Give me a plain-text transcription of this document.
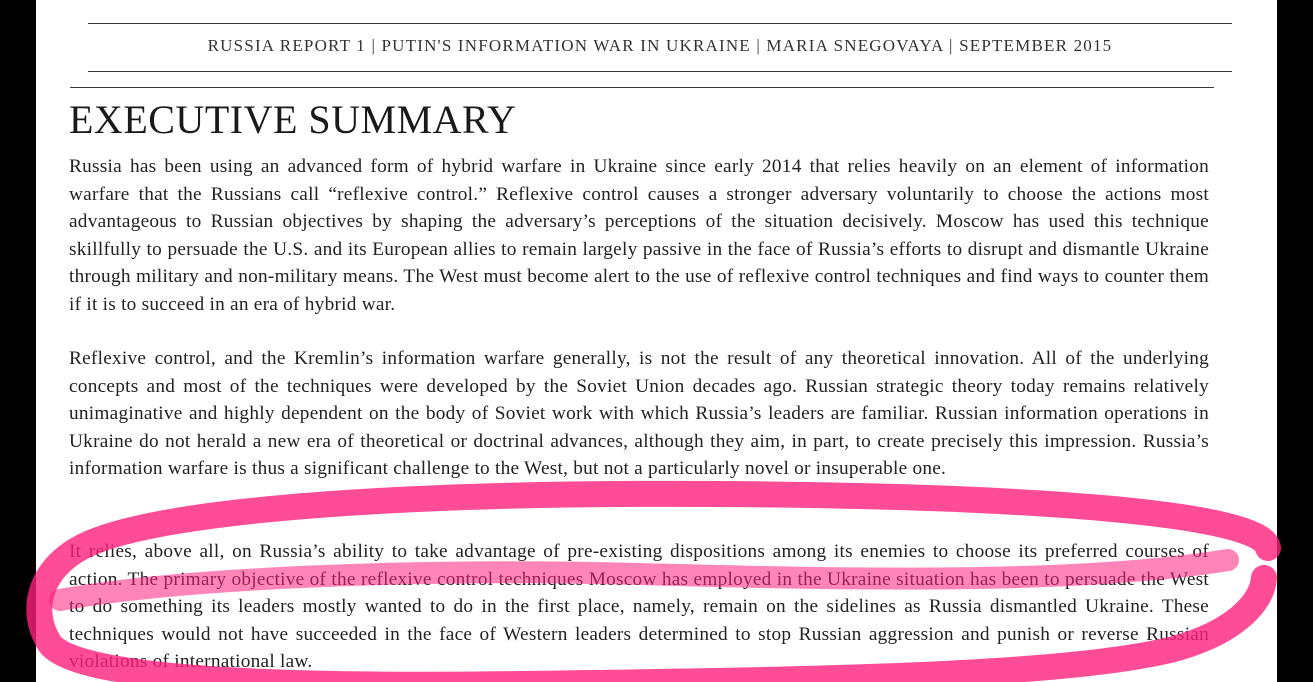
RUSSIA REPORT 1 | PUTIN'S INFORMATION WAR IN UKRAINE | MARIA SNEGOVAYA | SEPTEMBER 2015
EXECUTIVE SUMMARY

Russia has been using an advanced form of hybrid warfare in Ukraine since early 2014 that relies heavily on an element of information warfare that the Russians call “reflexive control.” Reflexive control causes a stronger adversary voluntarily to choose the actions most advantageous to Russian objectives by shaping the adversary’s perceptions of the situation decisively. Moscow has used this technique skillfully to persuade the U.S. and its European allies to remain largely passive in the face of Russia’s efforts to disrupt and dismantle Ukraine through military and non-military means. The West must become alert to the use of reflexive control techniques and find ways to counter them if it is to succeed in an era of hybrid war.

Reflexive control, and the Kremlin’s information warfare generally, is not the result of any theoretical innovation. All of the underlying concepts and most of the techniques were developed by the Soviet Union decades ago. Russian strategic theory today remains relatively unimaginative and highly dependent on the body of Soviet work with which Russia’s leaders are familiar. Russian information operations in Ukraine do not herald a new era of theoretical or doctrinal advances, although they aim, in part, to create precisely this impression. Russia’s information warfare is thus a significant challenge to the West, but not a particularly novel or insuperable one.

It relies, above all, on Russia’s ability to take advantage of pre-existing dispositions among its enemies to choose its preferred courses of action. The primary objective of the reflexive control techniques Moscow has employed in the Ukraine situation has been to persuade the West to do something its leaders mostly wanted to do in the first place, namely, remain on the sidelines as Russia dismantled Ukraine. These techniques would not have succeeded in the face of Western leaders determined to stop Russian aggression and punish or reverse Russian violations of international law.
